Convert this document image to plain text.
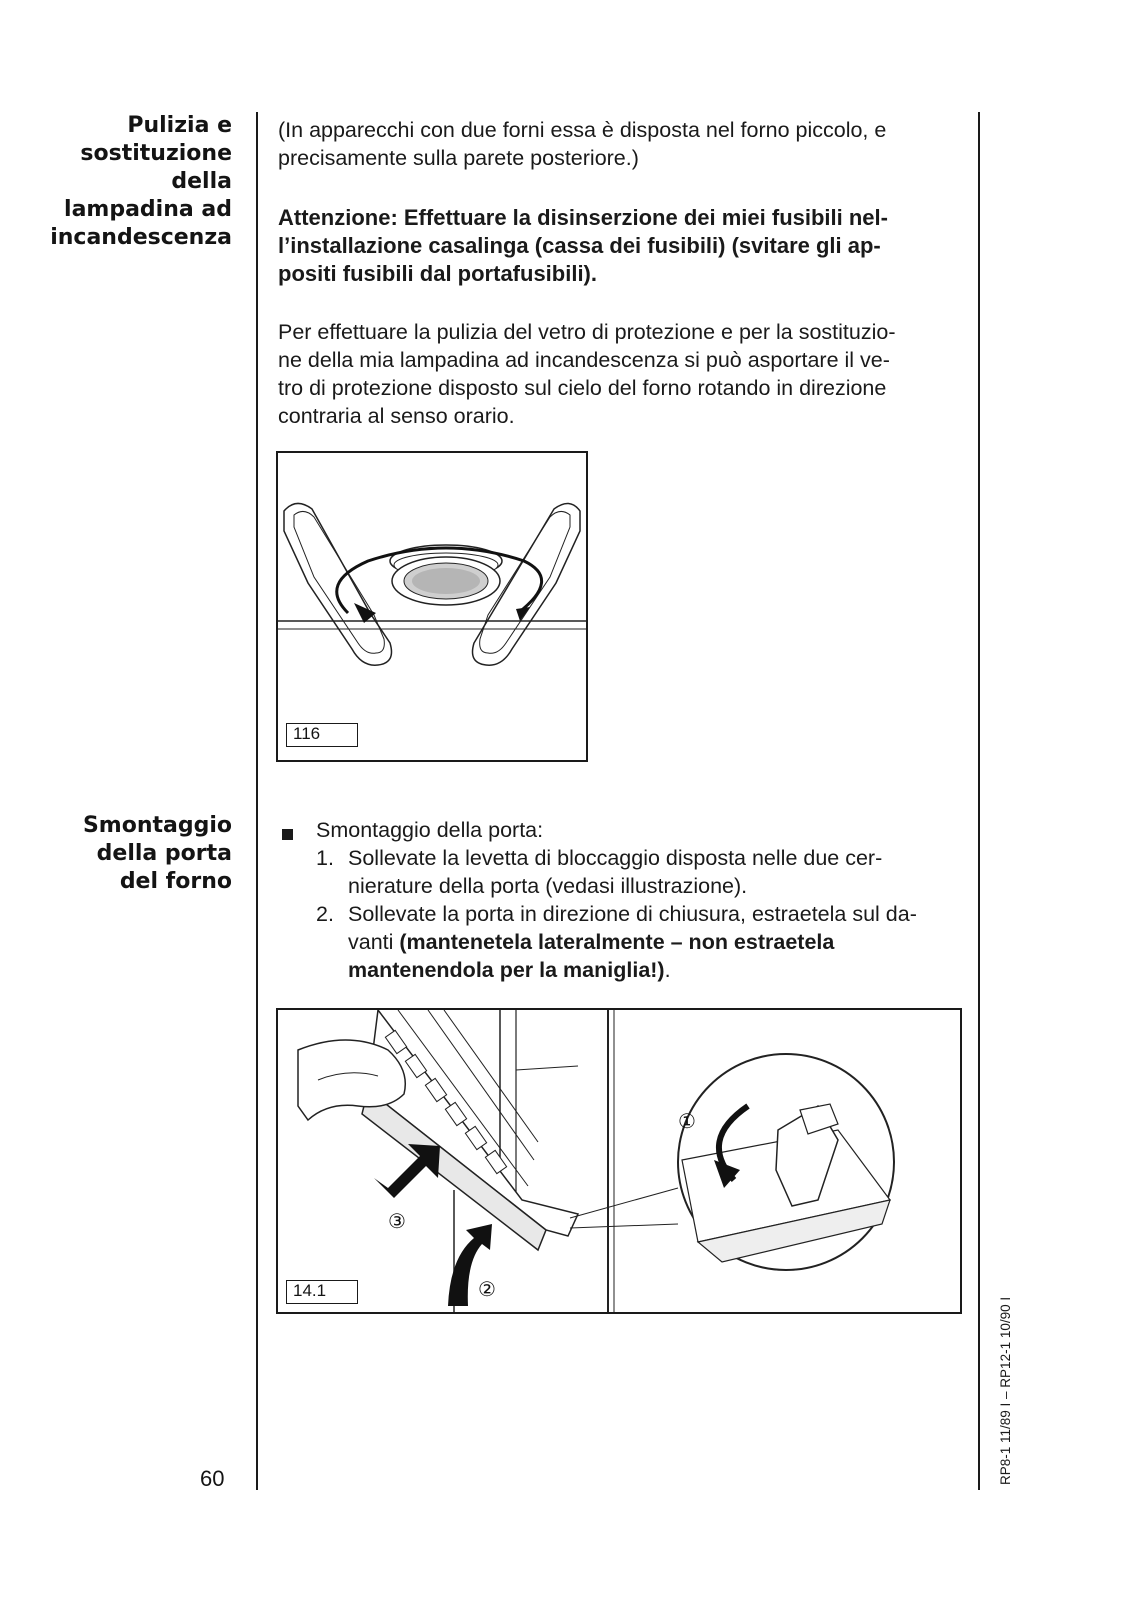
Pulizia e
sostituzione
della
lampadina ad
incandescenza
(In apparecchi con due forni essa è disposta nel forno piccolo, e
precisamente sulla parete posteriore.)
Attenzione: Effettuare la disinserzione dei miei fusibili nel-
l’installazione casalinga (cassa dei fusibili) (svitare gli ap-
positi fusibili dal portafusibili).
Per effettuare la pulizia del vetro di protezione e per la sostituzio-
ne della mia lampadina ad incandescenza si può asportare il ve-
tro di protezione disposto sul cielo del forno rotando in direzione
contraria al senso orario.
116
Smontaggio
della porta
del forno
Smontaggio della porta:
1. Sollevate la levetta di bloccaggio disposta nelle due cer-
nierature della porta (vedasi illustrazione).
2. Sollevate la porta in direzione di chiusura, estraetela sul da-
vanti (mantenetela lateralmente – non estraetela
mantenendola per la maniglia!).
③
②
①
14.1
60	RP8-1 11/89 I – RP12-1 10/90 I
